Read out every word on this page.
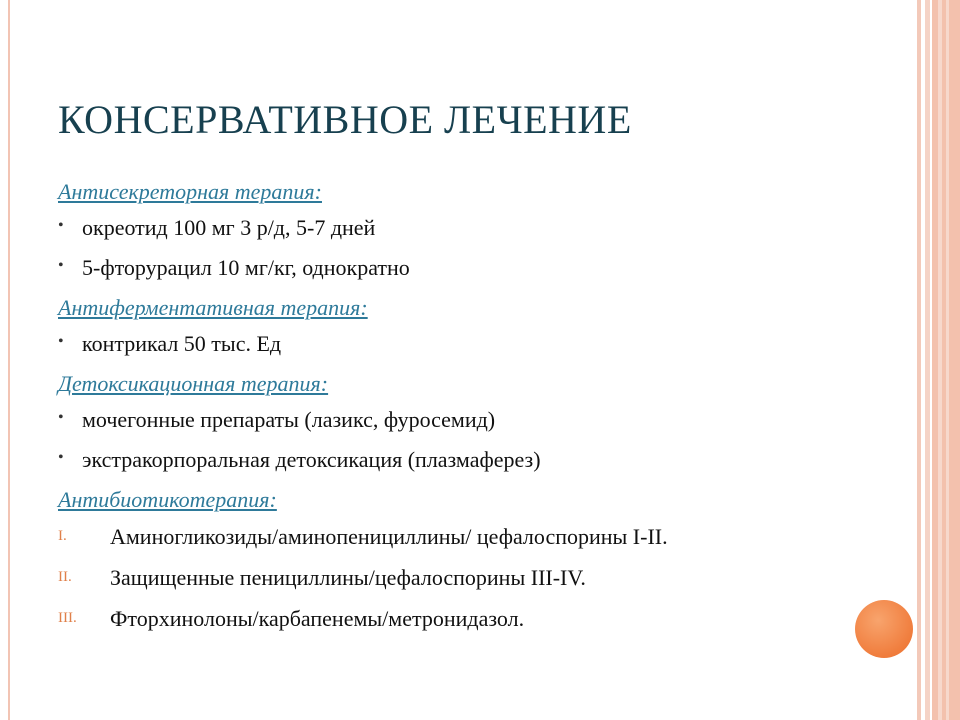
КОНСЕРВАТИВНОЕ ЛЕЧЕНИЕ
Антисекреторная терапия:
• окреотид 100 мг 3 р/д, 5-7 дней
• 5-фторурацил 10 мг/кг, однократно
Антиферментативная терапия:
• контрикал 50 тыс. Ед
Детоксикационная терапия:
• мочегонные препараты (лазикс, фуросемид)
• экстракорпоральная детоксикация (плазмаферез)
Антибиотикотерапия:
I. Аминогликозиды/аминопенициллины/ цефалоспорины I-II.
II. Защищенные пенициллины/цефалоспорины III-IV.
III. Фторхинолоны/карбапенемы/метронидазол.
